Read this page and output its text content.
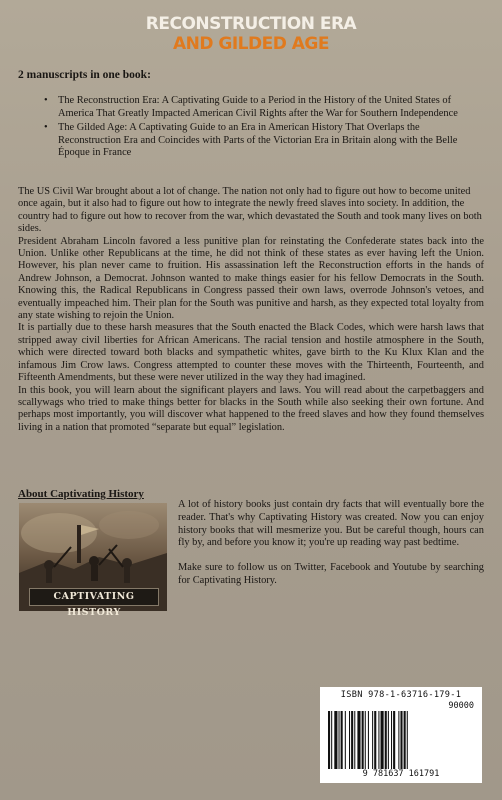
RECONSTRUCTION ERA
AND GILDED AGE
2 manuscripts in one book:
• The Reconstruction Era: A Captivating Guide to a Period in the History of the United States of America That Greatly Impacted American Civil Rights after the War for Southern Independence
• The Gilded Age: A Captivating Guide to an Era in American History That Overlaps the Reconstruction Era and Coincides with Parts of the Victorian Era in Britain along with the Belle Époque in France

The US Civil War brought about a lot of change. The nation not only had to figure out how to become united once again, but it also had to figure out how to integrate the newly freed slaves into society. In addition, the country had to figure out how to recover from the war, which devastated the South and took many lives on both sides.

President Abraham Lincoln favored a less punitive plan for reinstating the Confederate states back into the Union. Unlike other Republicans at the time, he did not think of these states as ever having left the Union. However, his plan never came to fruition. His assassination left the Reconstruction efforts in the hands of Andrew Johnson, a Democrat. Johnson wanted to make things easier for his fellow Democrats in the South. Knowing this, the Radical Republicans in Congress passed their own laws, overrode Johnson's vetoes, and eventually impeached him. Their plan for the South was punitive and harsh, as they expected total loyalty from any state wishing to rejoin the Union.

It is partially due to these harsh measures that the South enacted the Black Codes, which were harsh laws that stripped away civil liberties for African Americans. The racial tension and hostile atmosphere in the South, which were directed toward both blacks and sympathetic whites, gave birth to the Ku Klux Klan and the infamous Jim Crow laws. Congress attempted to counter these moves with the Thirteenth, Fourteenth, and Fifteenth Amendments, but these were never utilized in the way they had imagined.

In this book, you will learn about the significant players and laws. You will read about the carpetbaggers and scallywags who tried to make things better for blacks in the South while also seeking their own fortune. And perhaps most importantly, you will discover what happened to the freed slaves and how they found themselves living in a nation that promoted “separate but equal” legislation.

About Captivating History
CAPTIVATING HISTORY

A lot of history books just contain dry facts that will eventually bore the reader. That's why Captivating History was created. Now you can enjoy history books that will mesmerize you. But be careful though, hours can fly by, and before you know it; you're up reading way past bedtime.

Make sure to follow us on Twitter, Facebook and Youtube by searching for Captivating History.

ISBN 978-1-63716-179-1
90000
9 781637 161791
